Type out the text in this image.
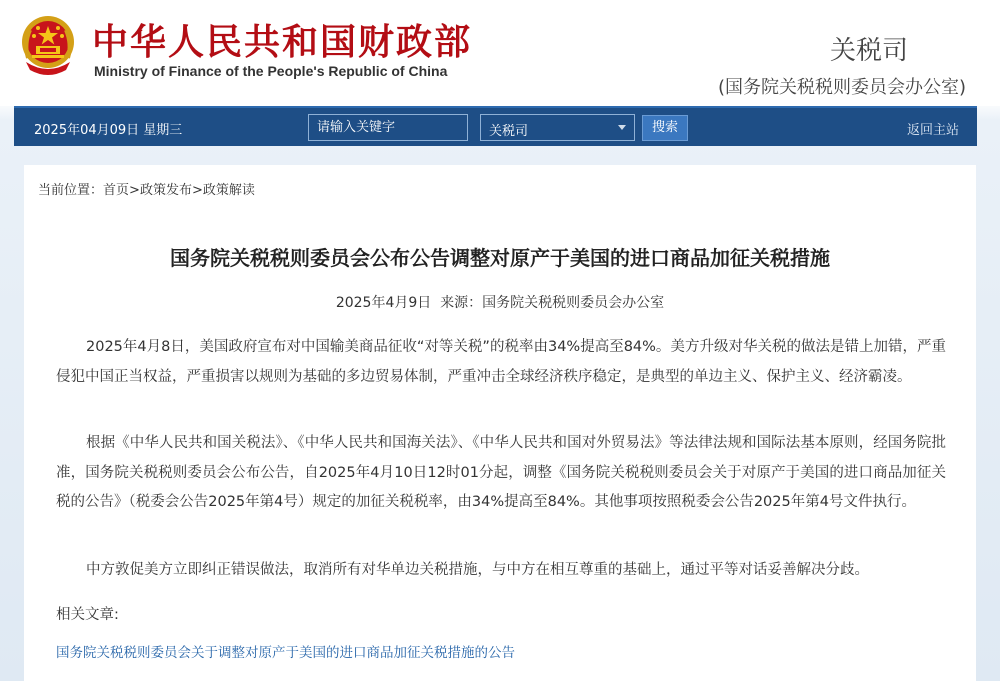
中华人民共和国财政部
Ministry of Finance of the People's Republic of China
关税司
(国务院关税税则委员会办公室)
2025年04月09日 星期三
请输入关键字	关税司	搜索	返回主站
当前位置：首页>政策发布>政策解读
国务院关税税则委员会公布公告调整对原产于美国的进口商品加征关税措施
2025年4月9日 来源：国务院关税税则委员会办公室

2025年4月8日，美国政府宣布对中国输美商品征收“对等关税”的税率由34%提高至84%。美方升级对华关税的做法是错上加错，严重侵犯中国正当权益，严重损害以规则为基础的多边贸易体制，严重冲击全球经济秩序稳定，是典型的单边主义、保护主义、经济霸凌。

根据《中华人民共和国关税法》、《中华人民共和国海关法》、《中华人民共和国对外贸易法》等法律法规和国际法基本原则，经国务院批准，国务院关税税则委员会公布公告，自2025年4月10日12时01分起，调整《国务院关税税则委员会关于对原产于美国的进口商品加征关税的公告》（税委会公告2025年第4号）规定的加征关税税率，由34%提高至84%。其他事项按照税委会公告2025年第4号文件执行。

中方敦促美方立即纠正错误做法，取消所有对华单边关税措施，与中方在相互尊重的基础上，通过平等对话妥善解决分歧。

相关文章:
国务院关税税则委员会关于调整对原产于美国的进口商品加征关税措施的公告
